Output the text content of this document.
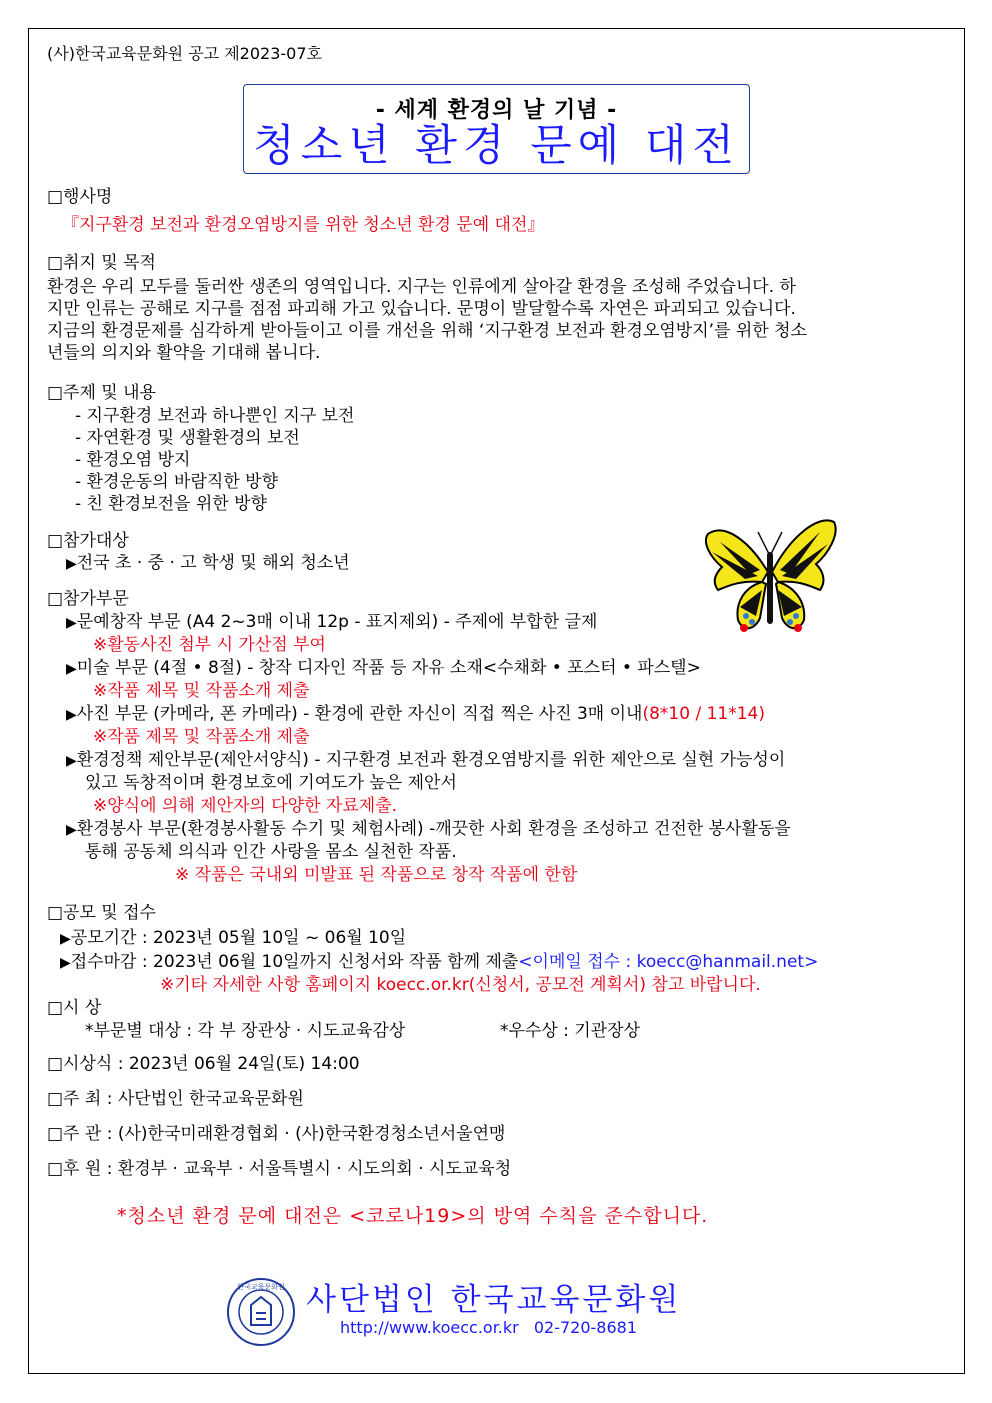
(사)한국교육문화원 공고 제2023-07호
- 세계 환경의 날 기념 -
청소년 환경 문예 대전
□행사명
『지구환경 보전과 환경오염방지를 위한 청소년 환경 문예 대전』
□취지 및 목적
환경은 우리 모두를 둘러싼 생존의 영역입니다. 지구는 인류에게 살아갈 환경을 조성해 주었습니다. 하
지만 인류는 공해로 지구를 점점 파괴해 가고 있습니다. 문명이 발달할수록 자연은 파괴되고 있습니다.
지금의 환경문제를 심각하게 받아들이고 이를 개선을 위해 ‘지구환경 보전과 환경오염방지’를 위한 청소
년들의 의지와 활약을 기대해 봅니다.
□주제 및 내용
- 지구환경 보전과 하나뿐인 지구 보전
- 자연환경 및 생활환경의 보전
- 환경오염 방지
- 환경운동의 바람직한 방향
- 친 환경보전을 위한 방향
□참가대상
▶전국 초 · 중 · 고 학생 및 해외 청소년
□참가부문
▶문예창작 부문 (A4 2~3매 이내 12p - 표지제외) - 주제에 부합한 글제
※활동사진 첨부 시 가산점 부여
▶미술 부문 (4절 • 8절) - 창작 디자인 작품 등 자유 소재<수채화 • 포스터 • 파스텔>
※작품 제목 및 작품소개 제출
▶사진 부문 (카메라, 폰 카메라) - 환경에 관한 자신이 직접 찍은 사진 3매 이내(8*10 / 11*14)
※작품 제목 및 작품소개 제출
▶환경정책 제안부문(제안서양식) - 지구환경 보전과 환경오염방지를 위한 제안으로 실현 가능성이
있고 독창적이며 환경보호에 기여도가 높은 제안서
※양식에 의해 제안자의 다양한 자료제출.
▶환경봉사 부문(환경봉사활동 수기 및 체험사례) -깨끗한 사회 환경을 조성하고 건전한 봉사활동을
통해 공동체 의식과 인간 사랑을 몸소 실천한 작품.
※ 작품은 국내외 미발표 된 작품으로 창작 작품에 한함
□공모 및 접수
▶공모기간 : 2023년 05월 10일 ~ 06월 10일
▶접수마감 : 2023년 06월 10일까지 신청서와 작품 함께 제출<이메일 접수 : koecc@hanmail.net>
※기타 자세한 사항 홈페이지 koecc.or.kr(신청서, 공모전 계획서) 참고 바랍니다.
□시 상
*부문별 대상 : 각 부 장관상 · 시도교육감상	*우수상 : 기관장상
□시상식 : 2023년 06월 24일(토) 14:00
□주 최 : 사단법인 한국교육문화원
□주 관 : (사)한국미래환경협회 · (사)한국환경청소년서울연맹
□후 원 : 환경부 · 교육부 · 서울특별시 · 시도의회 · 시도교육청
*청소년 환경 문예 대전은 <코로나19>의 방역 수칙을 준수합니다.
한국교육문화원 사단법인 한국교육문화원
http://www.koecc.or.kr 02-720-8681
